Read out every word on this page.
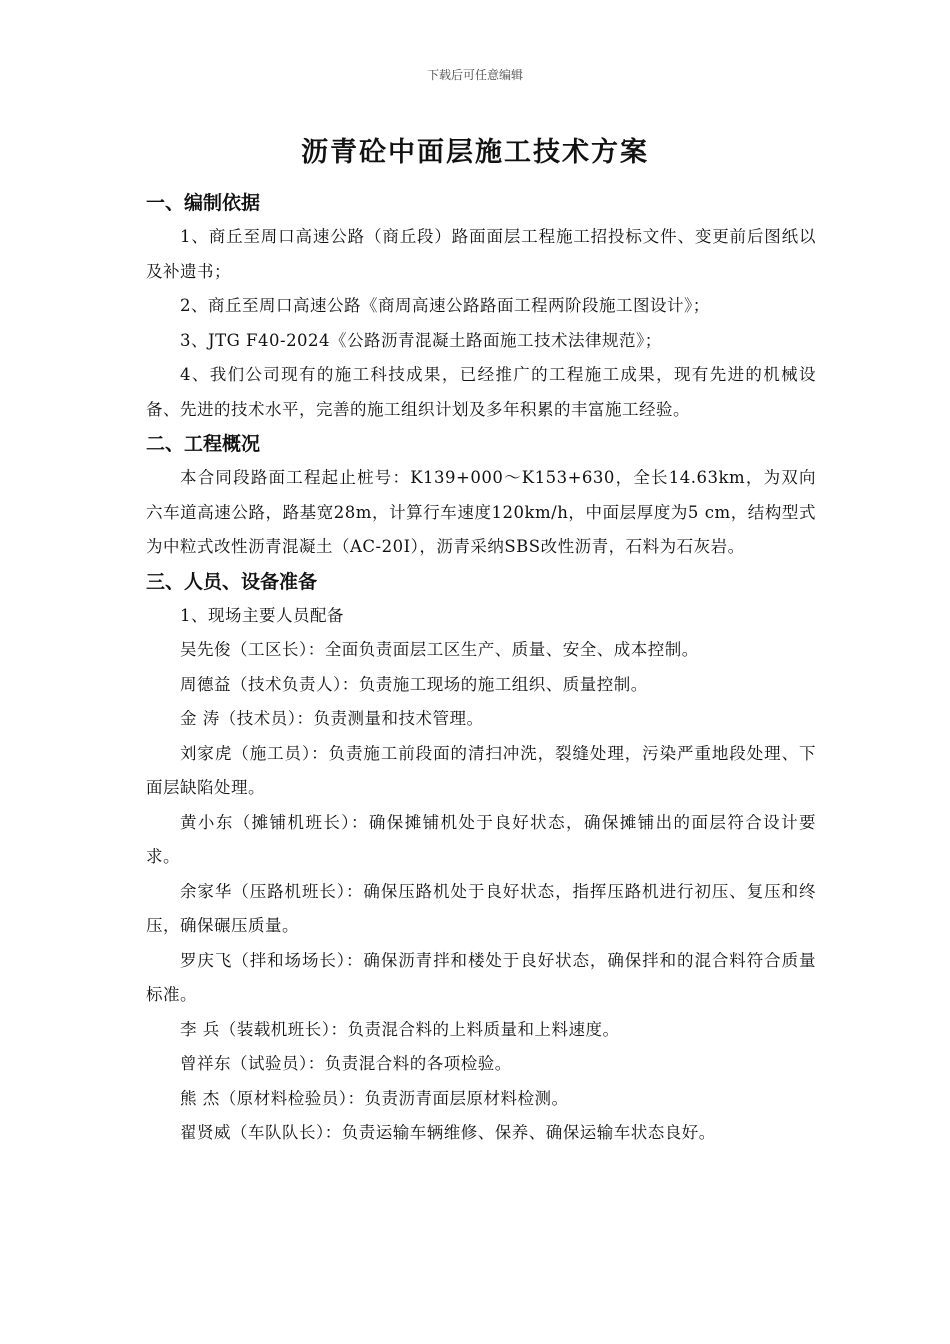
下载后可任意编辑
沥青砼中面层施工技术方案
一、编制依据

1、商丘至周口高速公路（商丘段）路面面层工程施工招投标文件、变更前后图纸以及补遗书；

2、商丘至周口高速公路《商周高速公路路面工程两阶段施工图设计》；

3、JTG F40-2024《公路沥青混凝土路面施工技术法律规范》；

4、我们公司现有的施工科技成果，已经推广的工程施工成果，现有先进的机械设备、先进的技术水平，完善的施工组织计划及多年积累的丰富施工经验。

二、工程概况

本合同段路面工程起止桩号：K139+000～K153+630，全长14.63km，为双向六车道高速公路，路基宽28m，计算行车速度120km/h，中面层厚度为5 cm，结构型式为中粒式改性沥青混凝土（AC-20I），沥青采纳SBS改性沥青，石料为石灰岩。

三、人员、设备准备

1、现场主要人员配备

吴先俊（工区长）：全面负责面层工区生产、质量、安全、成本控制。

周德益（技术负责人）：负责施工现场的施工组织、质量控制。

金 涛（技术员）：负责测量和技术管理。

刘家虎（施工员）：负责施工前段面的清扫冲洗，裂缝处理，污染严重地段处理、下面层缺陷处理。

黄小东（摊铺机班长）：确保摊铺机处于良好状态，确保摊铺出的面层符合设计要求。

余家华（压路机班长）：确保压路机处于良好状态，指挥压路机进行初压、复压和终压，确保碾压质量。

罗庆飞（拌和场场长）：确保沥青拌和楼处于良好状态，确保拌和的混合料符合质量标准。

李 兵（装载机班长）：负责混合料的上料质量和上料速度。

曾祥东（试验员）：负责混合料的各项检验。

熊 杰（原材料检验员）：负责沥青面层原材料检测。

翟贤威（车队队长）：负责运输车辆维修、保养、确保运输车状态良好。
